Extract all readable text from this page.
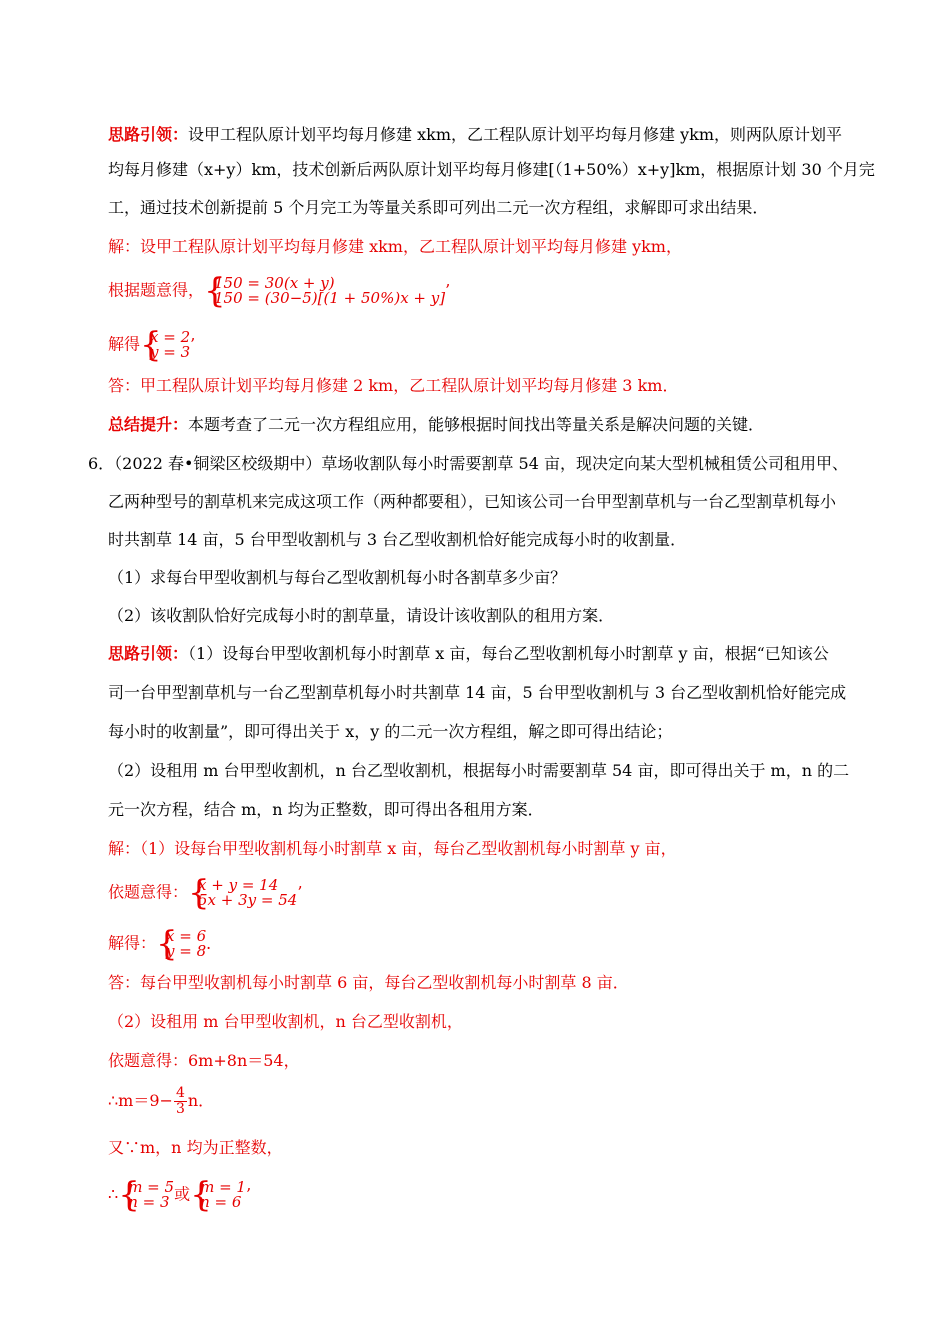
思路引领：设甲工程队原计划平均每月修建 xkm，乙工程队原计划平均每月修建 ykm，则两队原计划平
均每月修建（x+y）km，技术创新后两队原计划平均每月修建[（1+50%）x+y]km，根据原计划 30 个月完
工，通过技术创新提前 5 个月完工为等量关系即可列出二元一次方程组，求解即可求出结果．
解：设甲工程队原计划平均每月修建 xkm，乙工程队原计划平均每月修建 ykm，
根据题意得， {
150 = 30(x + y)
150 = (30−5)[(1 + 50%)x + y] ’
解得 {
x = 2
y = 3 ’
答：甲工程队原计划平均每月修建 2 km，乙工程队原计划平均每月修建 3 km．
总结提升：本题考查了二元一次方程组应用，能够根据时间找出等量关系是解决问题的关键．
6．（2022 春•铜梁区校级期中）草场收割队每小时需要割草 54 亩，现决定向某大型机械租赁公司租用甲、
乙两种型号的割草机来完成这项工作（两种都要租），已知该公司一台甲型割草机与一台乙型割草机每小
时共割草 14 亩，5 台甲型收割机与 3 台乙型收割机恰好能完成每小时的收割量．
（1）求每台甲型收割机与每台乙型收割机每小时各割草多少亩？
（2）该收割队恰好完成每小时的割草量，请设计该收割队的租用方案．
思路引领：（1）设每台甲型收割机每小时割草 x 亩，每台乙型收割机每小时割草 y 亩，根据“已知该公
司一台甲型割草机与一台乙型割草机每小时共割草 14 亩，5 台甲型收割机与 3 台乙型收割机恰好能完成
每小时的收割量”，即可得出关于 x，y 的二元一次方程组，解之即可得出结论；
（2）设租用 m 台甲型收割机，n 台乙型收割机，根据每小时需要割草 54 亩，即可得出关于 m，n 的二
元一次方程，结合 m，n 均为正整数，即可得出各租用方案．
解：（1）设每台甲型收割机每小时割草 x 亩，每台乙型收割机每小时割草 y 亩，
依题意得： {
x + y = 14
5x + 3y = 54 ’
解得： {
x = 6
y = 8 ．
答：每台甲型收割机每小时割草 6 亩，每台乙型收割机每小时割草 8 亩．
（2）设租用 m 台甲型收割机，n 台乙型收割机，
依题意得：6m+8n＝54，
∴m＝9− $\frac{4}{3}$ n．
又∵m，n 均为正整数，
∴ {
m = 5
n = 3 或 {
m = 1
n = 6 ’
